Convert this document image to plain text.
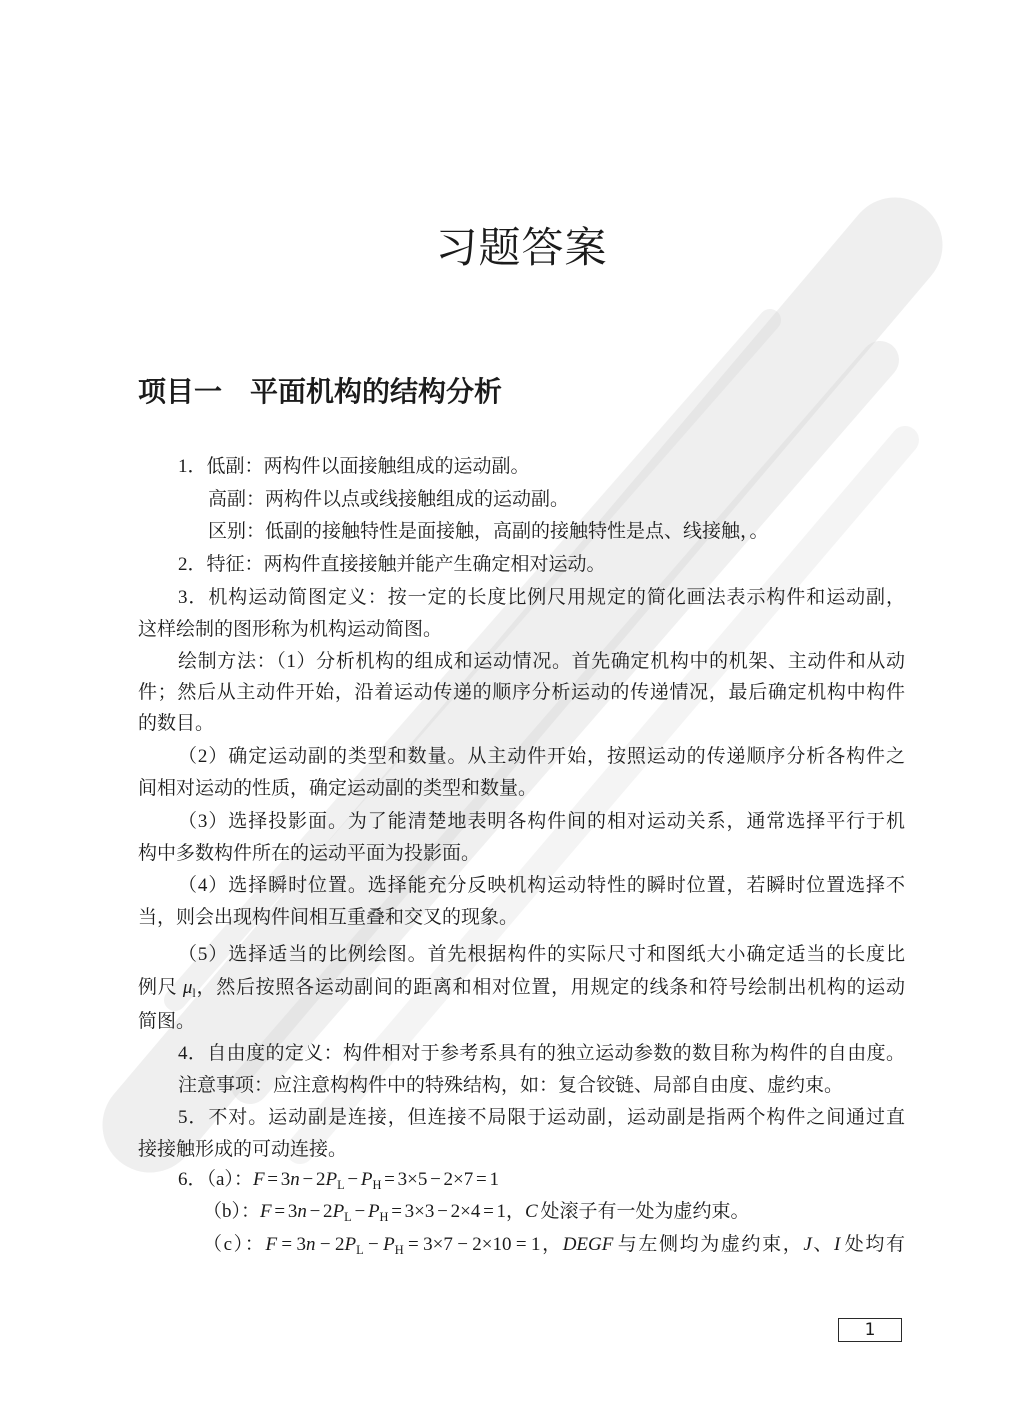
习题答案
项目一　平面机构的结构分析
1．低副：两构件以面接触组成的运动副。
高副：两构件以点或线接触组成的运动副。
区别：低副的接触特性是面接触，高副的接触特性是点、线接触，。
2．特征：两构件直接接触并能产生确定相对运动。
3．机构运动简图定义：按一定的长度比例尺用规定的简化画法表示构件和运动副，
这样绘制的图形称为机构运动简图。
绘制方法：（1）分析机构的组成和运动情况。首先确定机构中的机架、主动件和从动
件；然后从主动件开始，沿着运动传递的顺序分析运动的传递情况，最后确定机构中构件
的数目。
（2）确定运动副的类型和数量。从主动件开始，按照运动的传递顺序分析各构件之
间相对运动的性质，确定运动副的类型和数量。
（3）选择投影面。为了能清楚地表明各构件间的相对运动关系，通常选择平行于机
构中多数构件所在的运动平面为投影面。
（4）选择瞬时位置。选择能充分反映机构运动特性的瞬时位置，若瞬时位置选择不
当，则会出现构件间相互重叠和交叉的现象。
（5）选择适当的比例绘图。首先根据构件的实际尺寸和图纸大小确定适当的长度比
例尺 μl，然后按照各运动副间的距离和相对位置，用规定的线条和符号绘制出机构的运动
简图。
4．自由度的定义：构件相对于参考系具有的独立运动参数的数目称为构件的自由度。
注意事项：应注意构构件中的特殊结构，如：复合铰链、局部自由度、虚约束。
5．不对。运动副是连接，但连接不局限于运动副，运动副是指两个构件之间通过直
接接触形成的可动连接。
6．（a）：F = 3n − 2PL − PH = 3×5 − 2×7 = 1
（b）：F = 3n − 2PL − PH = 3×3 − 2×4 = 1，C 处滚子有一处为虚约束。
（c）：F = 3n − 2PL − PH = 3×7 − 2×10 = 1，DEGF 与左侧均为虚约束，J、I 处均有
1
